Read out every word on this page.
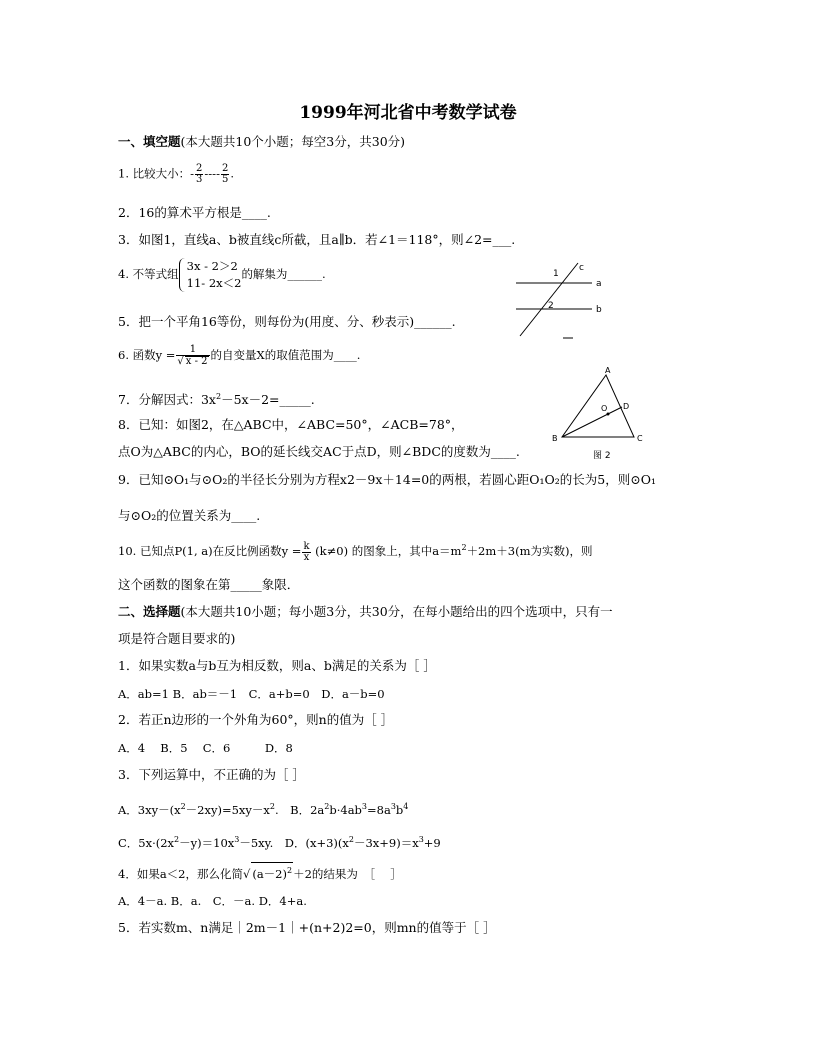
1999年河北省中考数学试卷
一、填空题(本大题共10个小题；每空3分，共30分)
1. 比较大小：- $\frac{2}{3}$ ---- $\frac{2}{5}$ .
2．16的算术平方根是____.
3．如图1，直线a、b被直线c所截，且a∥b．若∠1＝118°，则∠2=___.
4. 不等式组
3x - 2＞2
11- 2x＜2
的解集为______.
5．把一个平角16等份，则每份为(用度、分、秒表示)______.
6. 函数$y = \frac{1}{√ x - 2}$ 的自变量X的取值范围为____.
7．分解因式：$3x^2-5x-2=\_\_\_\_\_$.
8．已知：如图2，在△ABC中，∠ABC=50°，∠ACB=78°，
点O为△ABC的内心，BO的延长线交AC于点D，则∠BDC的度数为____.
9．已知⊙O₁与⊙O₂的半径长分别为方程x2－9x＋14=0的两根，若圆心距O₁O₂的长为5，则⊙O₁
与⊙O₂的位置关系为____.
10. 已知点P(1, a)在反比例函数$y = \frac{k}{x} (k\ne 0)$ 的图象上，其中$a=m^2+2m+3(m$为实数)，则
这个函数的图象在第_____象限．
二、选择题(本大题共10小题；每小题3分，共30分，在每小题给出的四个选项中，只有一
项是符合题目要求的)
1．如果实数a与b互为相反数，则a、b满足的关系为［ ］
A．ab=1 B．ab＝－1　C．a+b=0　D．a－b=0
2．若正n边形的一个外角为60°，则n的值为［ ］
A．4　 B．5　 C．6　　　D．8
3．下列运算中，不正确的为［ ］
A．$3xy-(x^2-2xy)=5xy-x^2$.　B．$2a^2b\cdot 4ab^3=8a^3b^4$
C．$5x\cdot(2x^2-y)=10x^3-5xy$.　D．$(x+3)(x^2-3x+9)=x^3+9$
4．如果a＜2，那么化简√ $(a-2)^2+2$的结果为　［　 ］
A．4－a. B．a.　C．－a. D．4+a.
5．若实数m、n满足｜2m－1｜+(n+2)2=0，则mn的值等于［ ］
1
2
c
a
b
A
B	C
D
O
图 2
